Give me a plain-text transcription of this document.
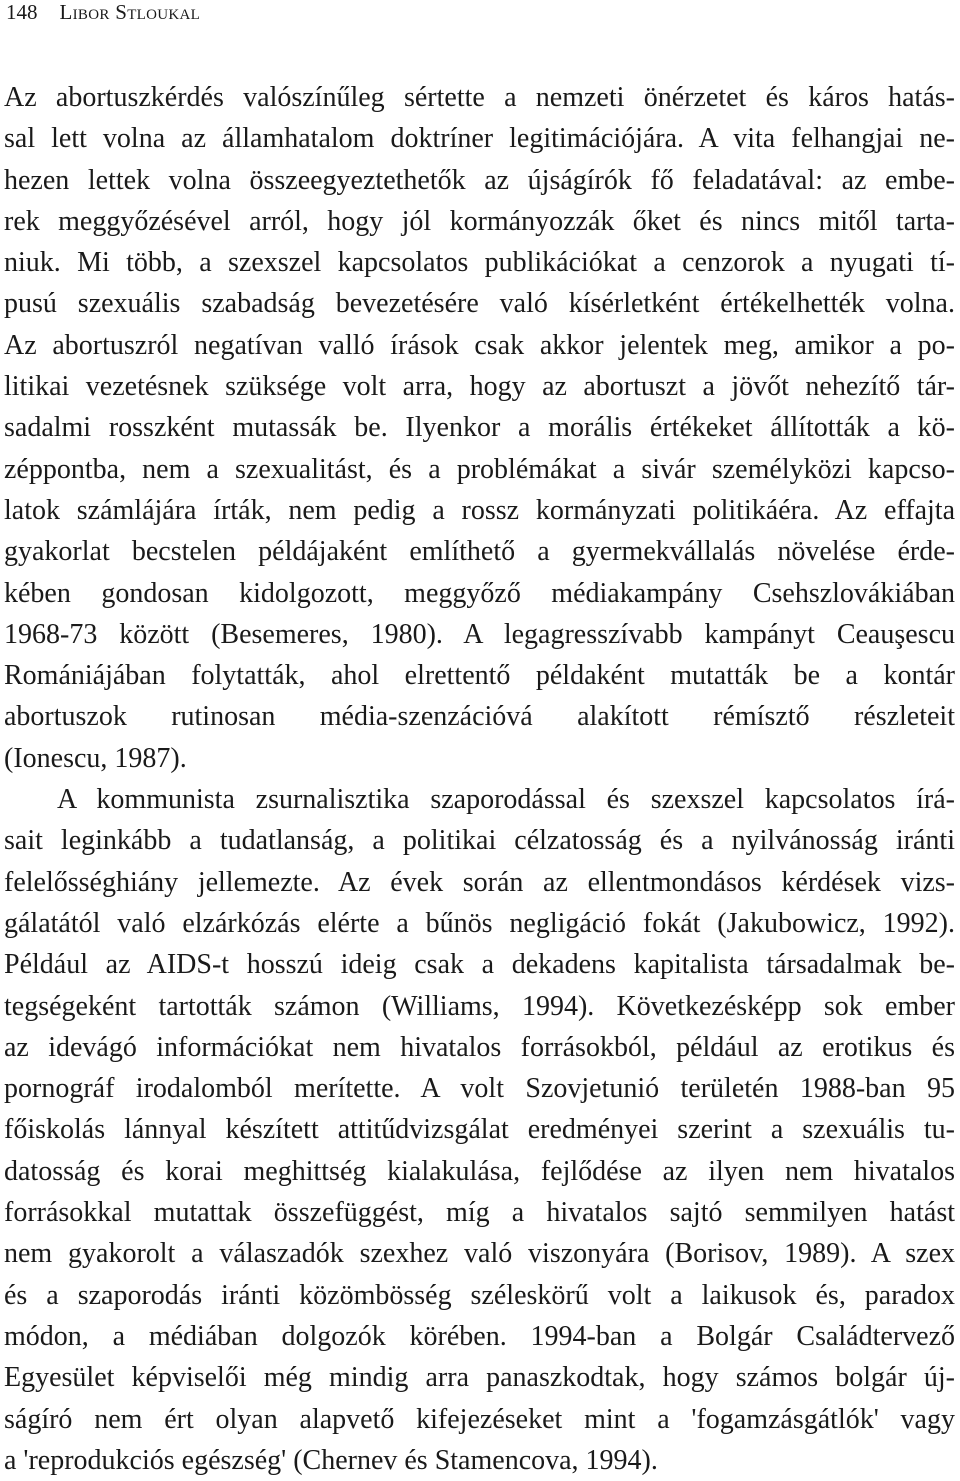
148 Libor Stloukal
Az abortuszkérdés valószínűleg sértette a nemzeti önérzetet és káros hatás-
sal lett volna az államhatalom doktríner legitimációjára. A vita felhangjai ne-
hezen lettek volna összeegyeztethetők az újságírók fő feladatával: az embe-
rek meggyőzésével arról, hogy jól kormányozzák őket és nincs mitől tarta-
niuk. Mi több, a szexszel kapcsolatos publikációkat a cenzorok a nyugati tí-
pusú szexuális szabadság bevezetésére való kísérletként értékelhették volna.
Az abortuszról negatívan valló írások csak akkor jelentek meg, amikor a po-
litikai vezetésnek szüksége volt arra, hogy az abortuszt a jövőt nehezítő tár-
sadalmi rosszként mutassák be. Ilyenkor a morális értékeket állították a kö-
zéppontba, nem a szexualitást, és a problémákat a sivár személyközi kapcso-
latok számlájára írták, nem pedig a rossz kormányzati politikáéra. Az effajta
gyakorlat becstelen példájaként említhető a gyermekvállalás növelése érde-
kében gondosan kidolgozott, meggyőző médiakampány Csehszlovákiában
1968-73 között (Besemeres, 1980). A legagresszívabb kampányt Ceauşescu
Romániájában folytatták, ahol elrettentő példaként mutatták be a kontár
abortuszok rutinosan média-szenzációvá alakított rémísztő részleteit
(Ionescu, 1987).
A kommunista zsurnalisztika szaporodással és szexszel kapcsolatos írá-
sait leginkább a tudatlanság, a politikai célzatosság és a nyilvánosság iránti
felelősséghiány jellemezte. Az évek során az ellentmondásos kérdések vizs-
gálatától való elzárkózás elérte a bűnös negligáció fokát (Jakubowicz, 1992).
Például az AIDS-t hosszú ideig csak a dekadens kapitalista társadalmak be-
tegségeként tartották számon (Williams, 1994). Következésképp sok ember
az idevágó információkat nem hivatalos forrásokból, például az erotikus és
pornográf irodalomból merítette. A volt Szovjetunió területén 1988-ban 95
főiskolás lánnyal készített attitűdvizsgálat eredményei szerint a szexuális tu-
datosság és korai meghittség kialakulása, fejlődése az ilyen nem hivatalos
forrásokkal mutattak összefüggést, míg a hivatalos sajtó semmilyen hatást
nem gyakorolt a válaszadók szexhez való viszonyára (Borisov, 1989). A szex
és a szaporodás iránti közömbösség széleskörű volt a laikusok és, paradox
módon, a médiában dolgozók körében. 1994-ban a Bolgár Családtervező
Egyesület képviselői még mindig arra panaszkodtak, hogy számos bolgár új-
ságíró nem ért olyan alapvető kifejezéseket mint a 'fogamzásgátlók' vagy
a 'reprodukciós egészség' (Chernev és Stamencova, 1994).
